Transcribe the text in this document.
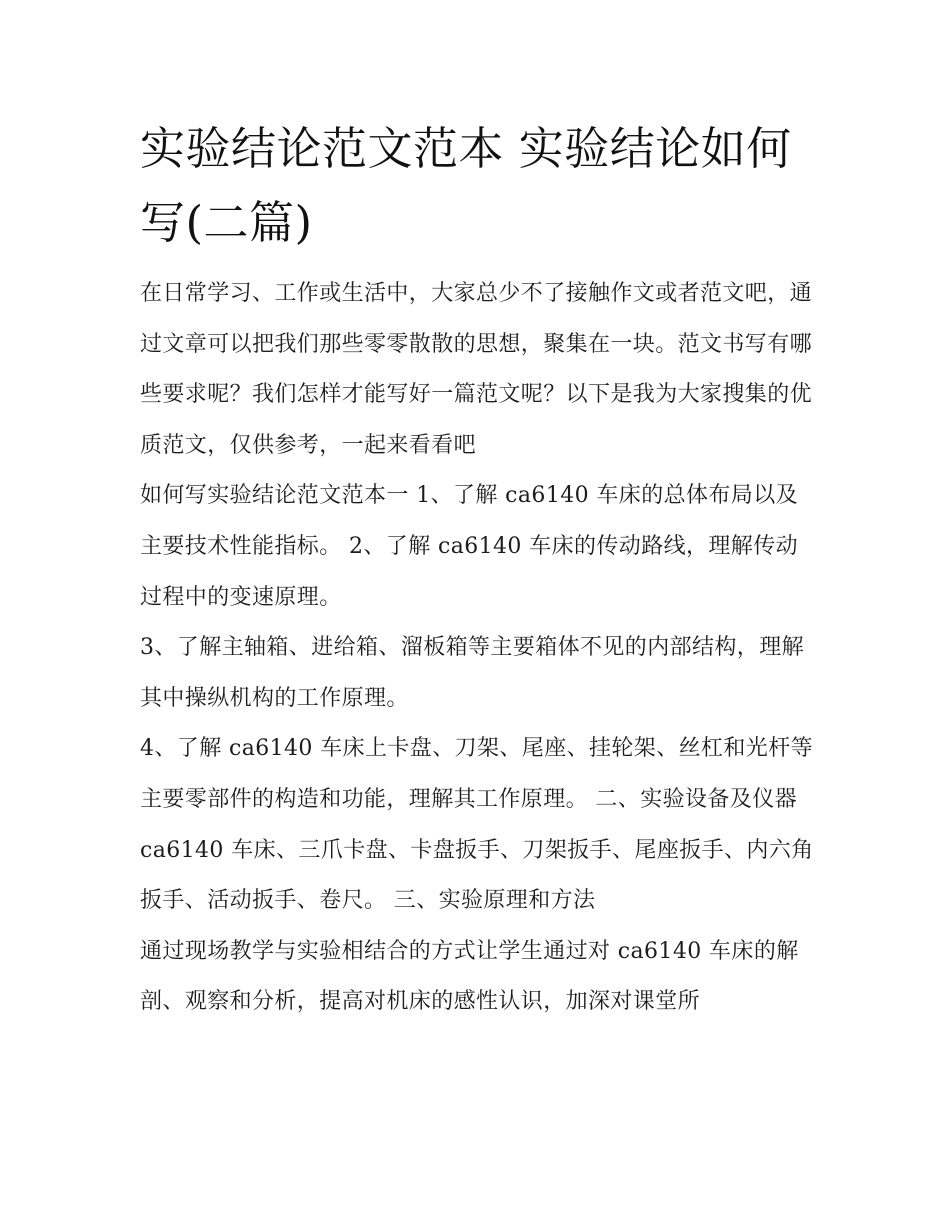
实验结论范文范本 实验结论如何写(二篇)

在日常学习、工作或生活中，大家总少不了接触作文或者范文吧，通过文章可以把我们那些零零散散的思想，聚集在一块。范文书写有哪些要求呢？我们怎样才能写好一篇范文呢？以下是我为大家搜集的优质范文，仅供参考，一起来看看吧

如何写实验结论范文范本一 1、了解 ca6140 车床的总体布局以及主要技术性能指标。 2、了解 ca6140 车床的传动路线，理解传动过程中的变速原理。

3、了解主轴箱、进给箱、溜板箱等主要箱体不见的内部结构，理解其中操纵机构的工作原理。

4、了解 ca6140 车床上卡盘、刀架、尾座、挂轮架、丝杠和光杆等主要零部件的构造和功能，理解其工作原理。 二、实验设备及仪器

ca6140 车床、三爪卡盘、卡盘扳手、刀架扳手、尾座扳手、内六角扳手、活动扳手、卷尺。 三、实验原理和方法

通过现场教学与实验相结合的方式让学生通过对 ca6140 车床的解剖、观察和分析，提高对机床的感性认识，加深对课堂所
